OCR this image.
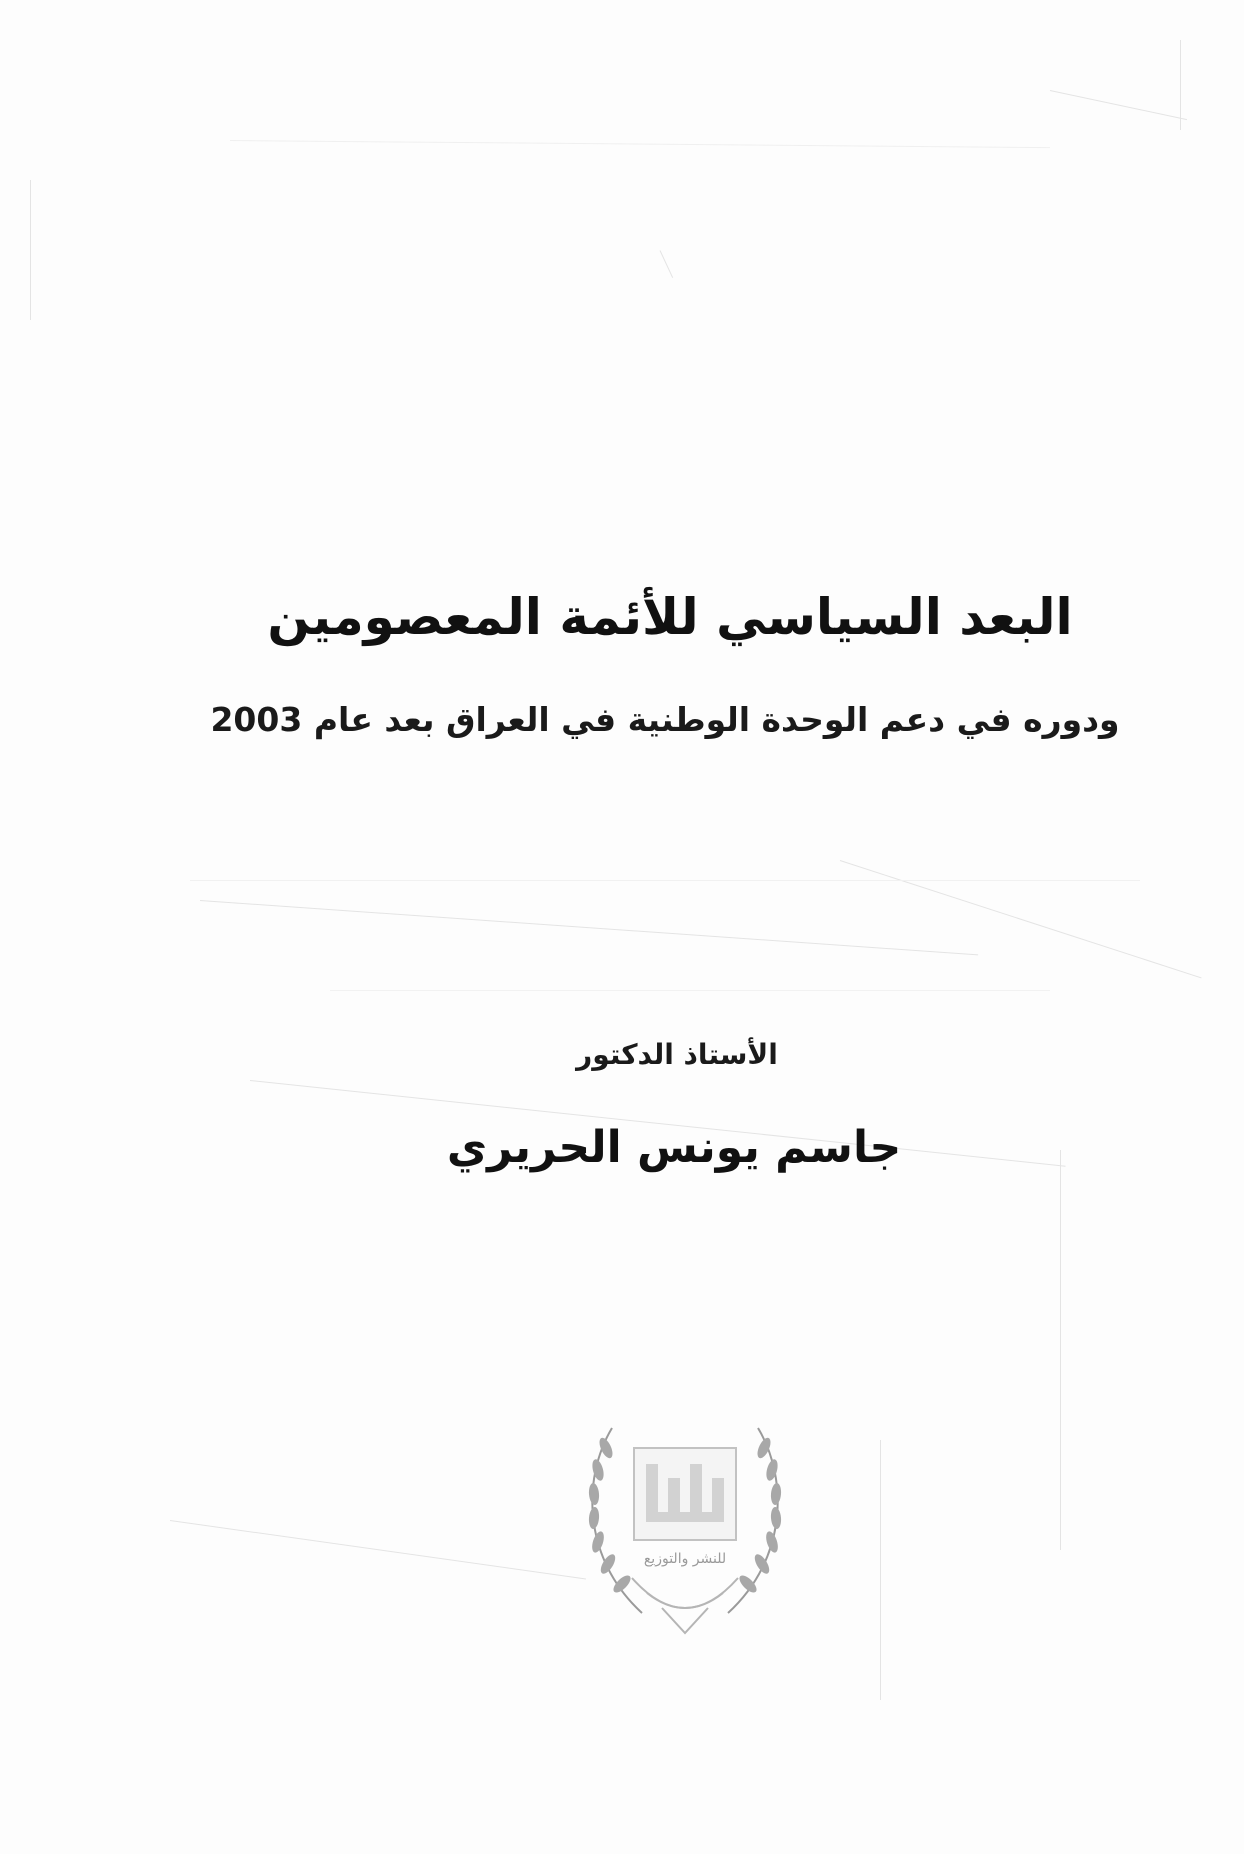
البعد السياسي للأئمة المعصومين
ودوره في دعم الوحدة الوطنية في العراق بعد عام 2003
الأستاذ الدكتور
جاسم يونس الحريري
للنشر والتوزيع
